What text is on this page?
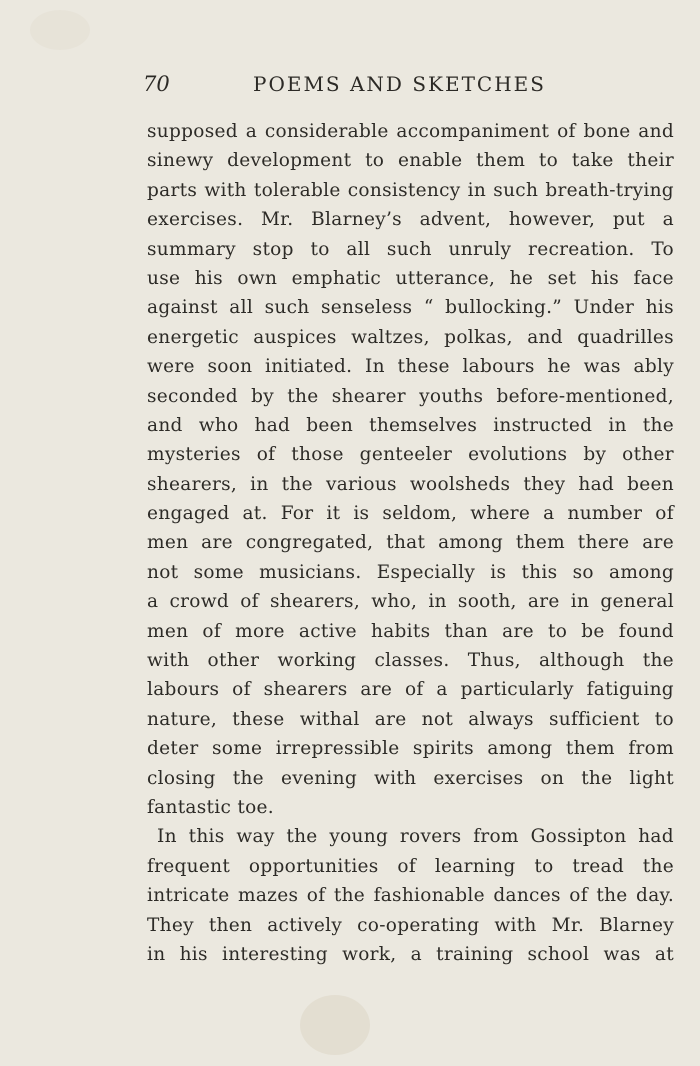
70	POEMS AND SKETCHES
supposed a considerable accompaniment of bone and
sinewy development to enable them to take their
parts with tolerable consistency in such breath-trying
exercises. Mr. Blarney’s advent, however, put a
summary stop to all such unruly recreation. To
use his own emphatic utterance, he set his face
against all such senseless “ bullocking.” Under his
energetic auspices waltzes, polkas, and quadrilles
were soon initiated. In these labours he was ably
seconded by the shearer youths before-mentioned,
and who had been themselves instructed in the
mysteries of those genteeler evolutions by other
shearers, in the various woolsheds they had been
engaged at. For it is seldom, where a number of
men are congregated, that among them there are
not some musicians. Especially is this so among
a crowd of shearers, who, in sooth, are in general
men of more active habits than are to be found
with other working classes. Thus, although the
labours of shearers are of a particularly fatiguing
nature, these withal are not always sufficient to
deter some irrepressible spirits among them from
closing the evening with exercises on the light
fantastic
toe.
In this way the young rovers from Gossipton had
frequent opportunities of learning to tread the
intricate mazes of the fashionable dances of the day.
They then actively co-operating with Mr. Blarney
in his interesting work, a training school was at
